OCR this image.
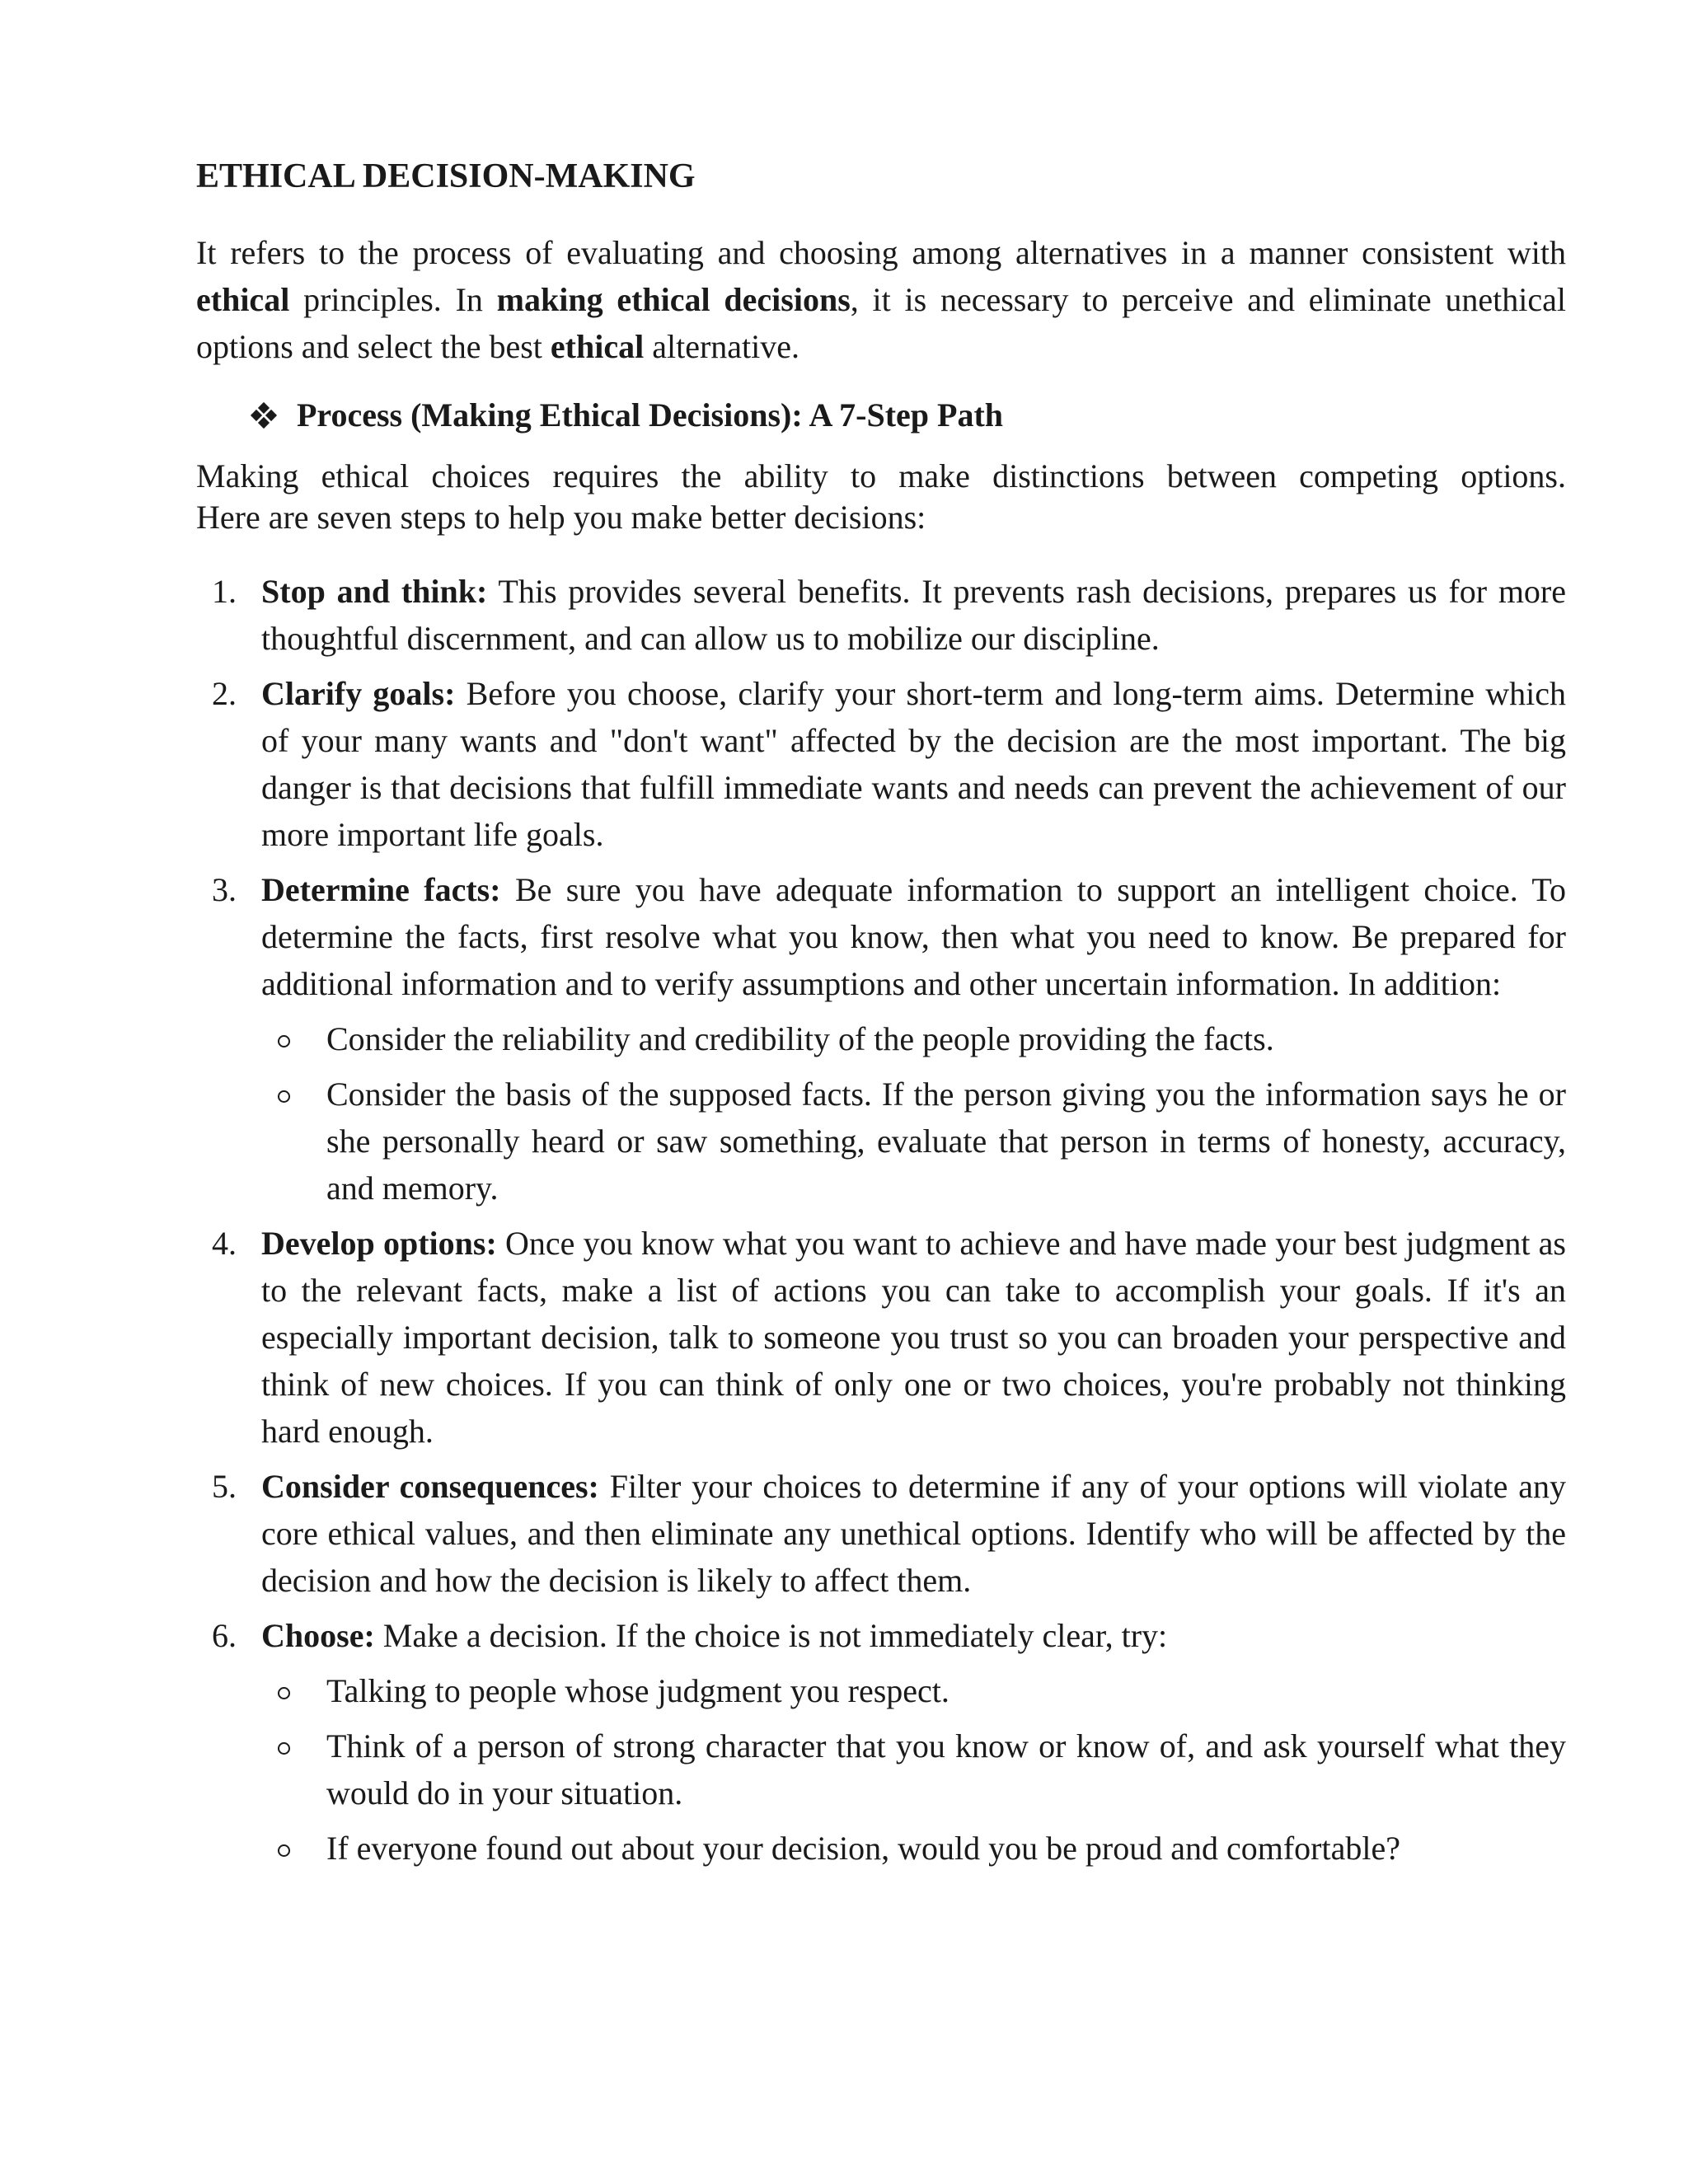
ETHICAL DECISION-MAKING

It refers to the process of evaluating and choosing among alternatives in a manner consistent with ethical principles. In making ethical decisions, it is necessary to perceive and eliminate unethical options and select the best ethical alternative.

Process (Making Ethical Decisions): A 7-Step Path

Making ethical choices requires the ability to make distinctions between competing options.
Here are seven steps to help you make better decisions:

1. Stop and think: This provides several benefits. It prevents rash decisions, prepares us for more thoughtful discernment, and can allow us to mobilize our discipline.

2. Clarify goals: Before you choose, clarify your short-term and long-term aims. Determine which of your many wants and "don't want" affected by the decision are the most important. The big danger is that decisions that fulfill immediate wants and needs can prevent the achievement of our more important life goals.

3. Determine facts: Be sure you have adequate information to support an intelligent choice. To determine the facts, first resolve what you know, then what you need to know. Be prepared for additional information and to verify assumptions and other uncertain information. In addition:

Consider the reliability and credibility of the people providing the facts.

Consider the basis of the supposed facts. If the person giving you the information says he or she personally heard or saw something, evaluate that person in terms of honesty, accuracy, and memory.

4. Develop options: Once you know what you want to achieve and have made your best judgment as to the relevant facts, make a list of actions you can take to accomplish your goals. If it's an especially important decision, talk to someone you trust so you can broaden your perspective and think of new choices. If you can think of only one or two choices, you're probably not thinking hard enough.

5. Consider consequences: Filter your choices to determine if any of your options will violate any core ethical values, and then eliminate any unethical options. Identify who will be affected by the decision and how the decision is likely to affect them.

6. Choose: Make a decision. If the choice is not immediately clear, try:

Talking to people whose judgment you respect.

Think of a person of strong character that you know or know of, and ask yourself what they would do in your situation.

If everyone found out about your decision, would you be proud and comfortable?
